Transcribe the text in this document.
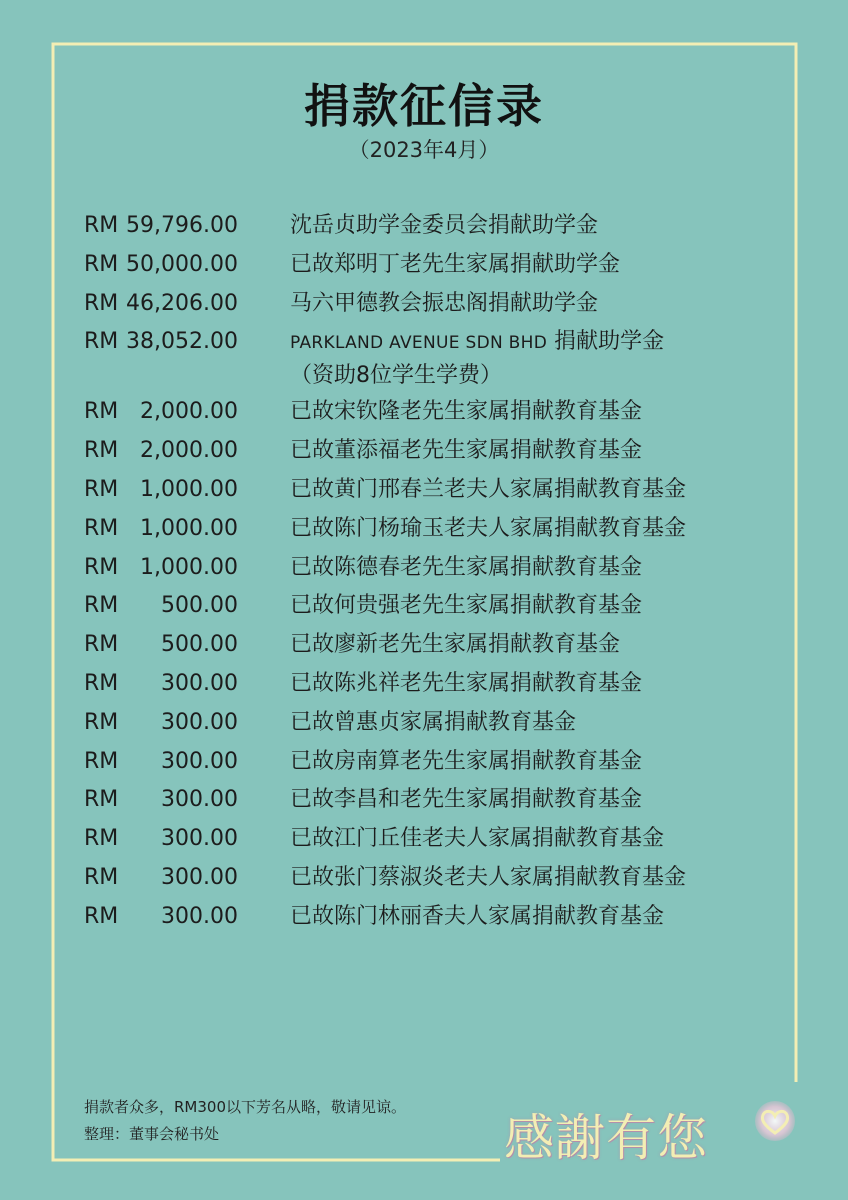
捐款征信录
（2023年4月）
RM 59,796.00 沈岳贞助学金委员会捐献助学金
RM 50,000.00 已故郑明丁老先生家属捐献助学金
RM 46,206.00 马六甲德教会振忠阁捐献助学金
RM 38,052.00	PARKLAND AVENUE SDN BHD 捐献助学金
（资助8位学生学费）
RM 2,000.00 已故宋钦隆老先生家属捐献教育基金
RM 2,000.00 已故董添福老先生家属捐献教育基金
RM 1,000.00 已故黄门邢春兰老夫人家属捐献教育基金
RM 1,000.00 已故陈门杨瑜玉老夫人家属捐献教育基金
RM 1,000.00 已故陈德春老先生家属捐献教育基金
RM	500.00 已故何贵强老先生家属捐献教育基金
RM	500.00 已故廖新老先生家属捐献教育基金
RM	300.00 已故陈兆祥老先生家属捐献教育基金
RM	300.00 已故曾惠贞家属捐献教育基金
RM	300.00 已故房南算老先生家属捐献教育基金
RM	300.00 已故李昌和老先生家属捐献教育基金
RM	300.00 已故江门丘佳老夫人家属捐献教育基金
RM	300.00 已故张门蔡淑炎老夫人家属捐献教育基金
RM	300.00 已故陈门林丽香夫人家属捐献教育基金
捐款者众多，RM300以下芳名从略，敬请见谅。
整理：董事会秘书处	感謝有您
